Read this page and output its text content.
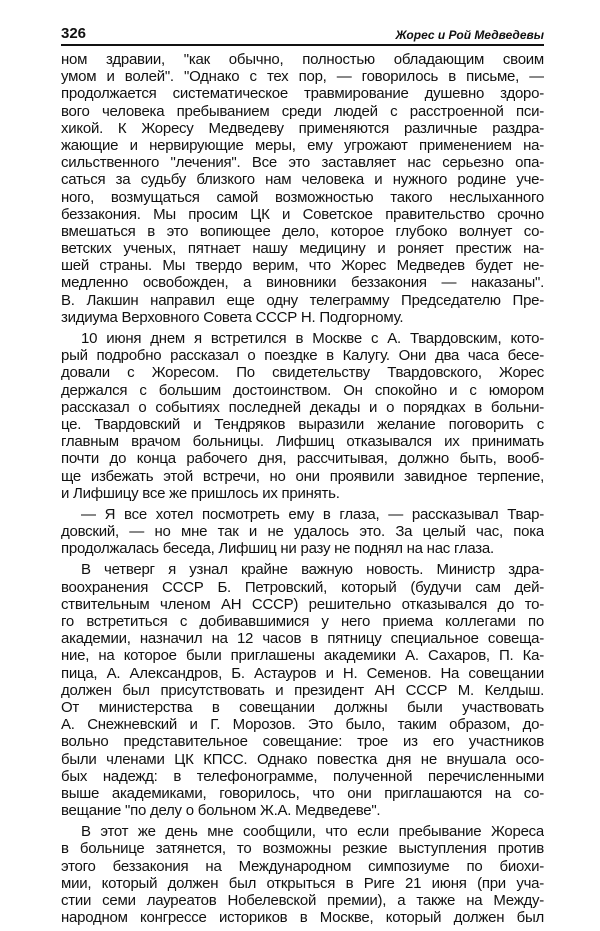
326	Жорес и Рой Медведевы
ном здравии, "как обычно, полностью обладающим своим
умом и волей". "Однако с тех пор, — говорилось в письме, —
продолжается систематическое травмирование душевно здоро-
вого человека пребыванием среди людей с расстроенной пси-
хикой. К Жоресу Медведеву применяются различные раздра-
жающие и нервирующие меры, ему угрожают применением на-
сильственного "лечения". Все это заставляет нас серьезно опа-
саться за судьбу близкого нам человека и нужного родине уче-
ного, возмущаться самой возможностью такого неслыханного
беззакония. Мы просим ЦК и Советское правительство срочно
вмешаться в это вопиющее дело, которое глубоко волнует со-
ветских ученых, пятнает нашу медицину и роняет престиж на-
шей страны. Мы твердо верим, что Жорес Медведев будет не-
медленно освобожден, а виновники беззакония — наказаны".
В. Лакшин направил еще одну телеграмму Председателю Пре-
зидиума Верховного Совета СССР Н. Подгорному.
10 июня днем я встретился в Москве с А. Твардовским, кото-
рый подробно рассказал о поездке в Калугу. Они два часа бесе-
довали с Жоресом. По свидетельству Твардовского, Жорес
держался с большим достоинством. Он спокойно и с юмором
рассказал о событиях последней декады и о порядках в больни-
це. Твардовский и Тендряков выразили желание поговорить с
главным врачом больницы. Лифшиц отказывался их принимать
почти до конца рабочего дня, рассчитывая, должно быть, вооб-
ще избежать этой встречи, но они проявили завидное терпение,
и Лифшицу все же пришлось их принять.
— Я все хотел посмотреть ему в глаза, — рассказывал Твар-
довский, — но мне так и не удалось это. За целый час, пока
продолжалась беседа, Лифшиц ни разу не поднял на нас глаза.
В четверг я узнал крайне важную новость. Министр здра-
воохранения СССР Б. Петровский, который (будучи сам дей-
ствительным членом АН СССР) решительно отказывался до то-
го встретиться с добивавшимися у него приема коллегами по
академии, назначил на 12 часов в пятницу специальное совеща-
ние, на которое были приглашены академики А. Сахаров, П. Ка-
пица, А. Александров, Б. Астауров и Н. Семенов. На совещании
должен был присутствовать и президент АН СССР М. Келдыш.
От министерства в совещании должны были участвовать
А. Снежневский и Г. Морозов. Это было, таким образом, до-
вольно представительное совещание: трое из его участников
были членами ЦК КПСС. Однако повестка дня не внушала осо-
бых надежд: в телефонограмме, полученной перечисленными
выше академиками, говорилось, что они приглашаются на со-
вещание "по делу о больном Ж.А. Медведеве".
В этот же день мне сообщили, что если пребывание Жореса
в больнице затянется, то возможны резкие выступления против
этого беззакония на Международном симпозиуме по биохи-
мии, который должен был открыться в Риге 21 июня (при уча-
стии семи лауреатов Нобелевской премии), а также на Между-
народном конгрессе историков в Москве, который должен был
